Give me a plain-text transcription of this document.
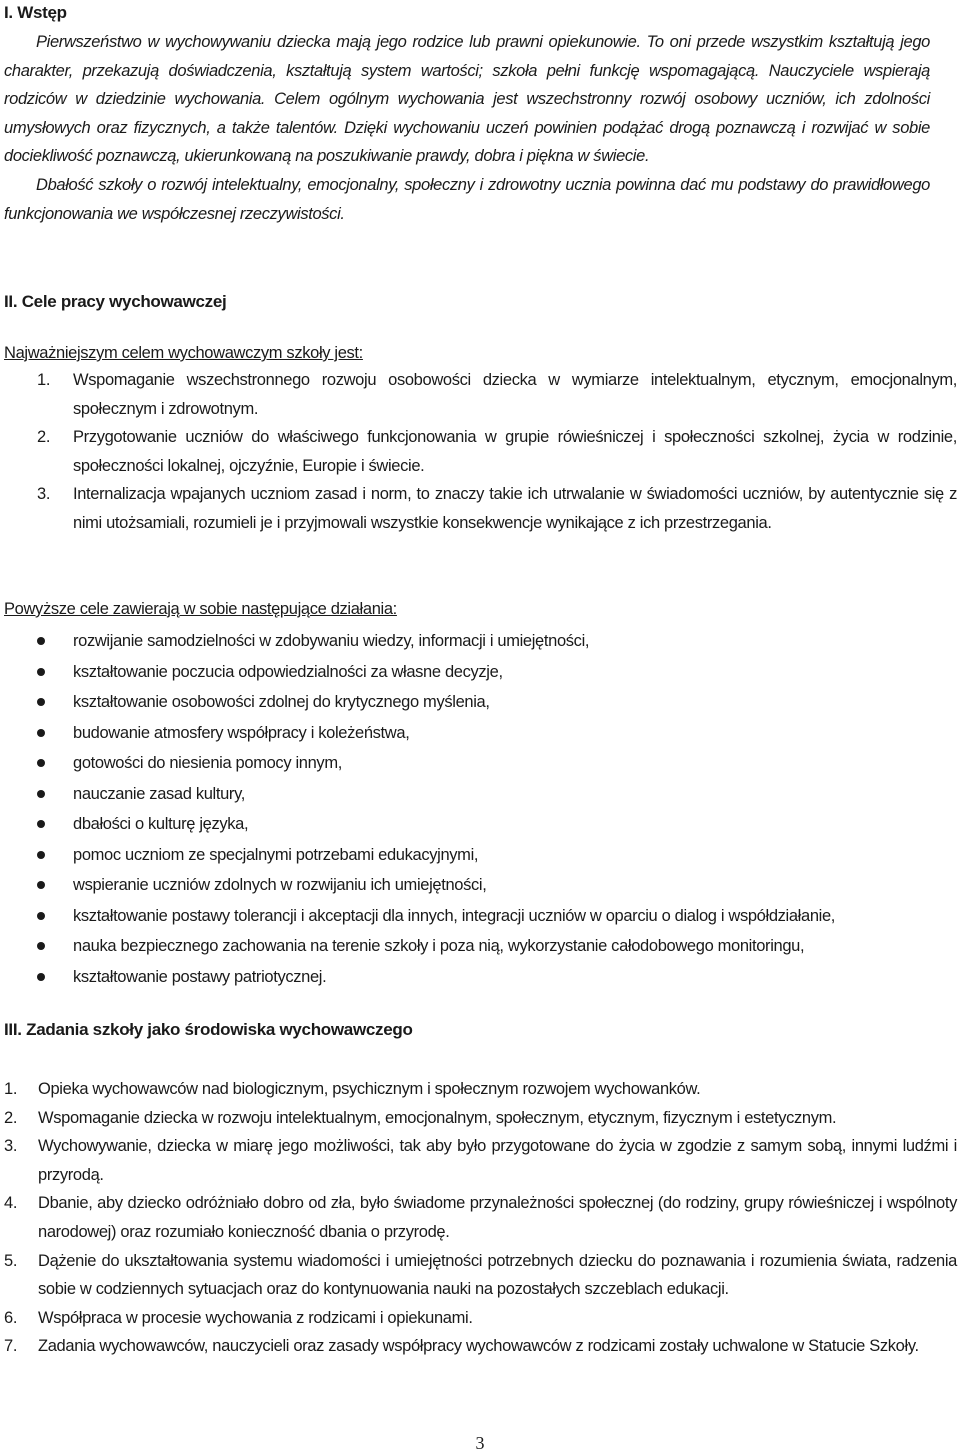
I. Wstęp

Pierwszeństwo w wychowywaniu dziecka mają jego rodzice lub prawni opiekunowie. To oni przede wszystkim kształtują jego charakter, przekazują doświadczenia, kształtują system wartości; szkoła pełni funkcję wspomagającą. Nauczyciele wspierają rodziców w dziedzinie wychowania. Celem ogólnym wychowania jest wszechstronny rozwój osobowy uczniów, ich zdolności umysłowych oraz fizycznych, a także talentów. Dzięki wychowaniu uczeń powinien podążać drogą poznawczą i rozwijać w sobie dociekliwość poznawczą, ukierunkowaną na poszukiwanie prawdy, dobra i piękna w świecie.

Dbałość szkoły o rozwój intelektualny, emocjonalny, społeczny i zdrowotny ucznia powinna dać mu podstawy do prawidłowego funkcjonowania we współczesnej rzeczywistości.

II. Cele pracy wychowawczej
Najważniejszym celem wychowawczym szkoły jest:
1. Wspomaganie wszechstronnego rozwoju osobowości dziecka w wymiarze intelektualnym, etycznym, emocjonalnym, społecznym i zdrowotnym.
2. Przygotowanie uczniów do właściwego funkcjonowania w grupie rówieśniczej i społeczności szkolnej, życia w rodzinie, społeczności lokalnej, ojczyźnie, Europie i świecie.
3. Internalizacja wpajanych uczniom zasad i norm, to znaczy takie ich utrwalanie w świadomości uczniów, by autentycznie się z nimi utożsamiali, rozumieli je i przyjmowali wszystkie konsekwencje wynikające z ich przestrzegania.
Powyższe cele zawierają w sobie następujące działania:
rozwijanie samodzielności w zdobywaniu wiedzy, informacji i umiejętności,
kształtowanie poczucia odpowiedzialności za własne decyzje,
kształtowanie osobowości zdolnej do krytycznego myślenia,
budowanie atmosfery współpracy i koleżeństwa,
gotowości do niesienia pomocy innym,
nauczanie zasad kultury,
dbałości o kulturę języka,
pomoc uczniom ze specjalnymi potrzebami edukacyjnymi,
wspieranie uczniów zdolnych w rozwijaniu ich umiejętności,
kształtowanie postawy tolerancji i akceptacji dla innych, integracji uczniów w oparciu o dialog i współdziałanie,
nauka bezpiecznego zachowania na terenie szkoły i poza nią, wykorzystanie całodobowego monitoringu,
kształtowanie postawy patriotycznej.
III. Zadania szkoły jako środowiska wychowawczego
1. Opieka wychowawców nad biologicznym, psychicznym i społecznym rozwojem wychowanków.
2. Wspomaganie dziecka w rozwoju intelektualnym, emocjonalnym, społecznym, etycznym, fizycznym i estetycznym.
3. Wychowywanie, dziecka w miarę jego możliwości, tak aby było przygotowane do życia w zgodzie z samym sobą, innymi ludźmi i przyrodą.
4. Dbanie, aby dziecko odróżniało dobro od zła, było świadome przynależności społecznej (do rodziny, grupy rówieśniczej i wspólnoty narodowej) oraz rozumiało konieczność dbania o przyrodę.
5. Dążenie do ukształtowania systemu wiadomości i umiejętności potrzebnych dziecku do poznawania i rozumienia świata, radzenia sobie w codziennych sytuacjach oraz do kontynuowania nauki na pozostałych szczeblach edukacji.
6. Współpraca w procesie wychowania z rodzicami i opiekunami.
7. Zadania wychowawców, nauczycieli oraz zasady współpracy wychowawców z rodzicami zostały uchwalone w Statucie Szkoły.
3
